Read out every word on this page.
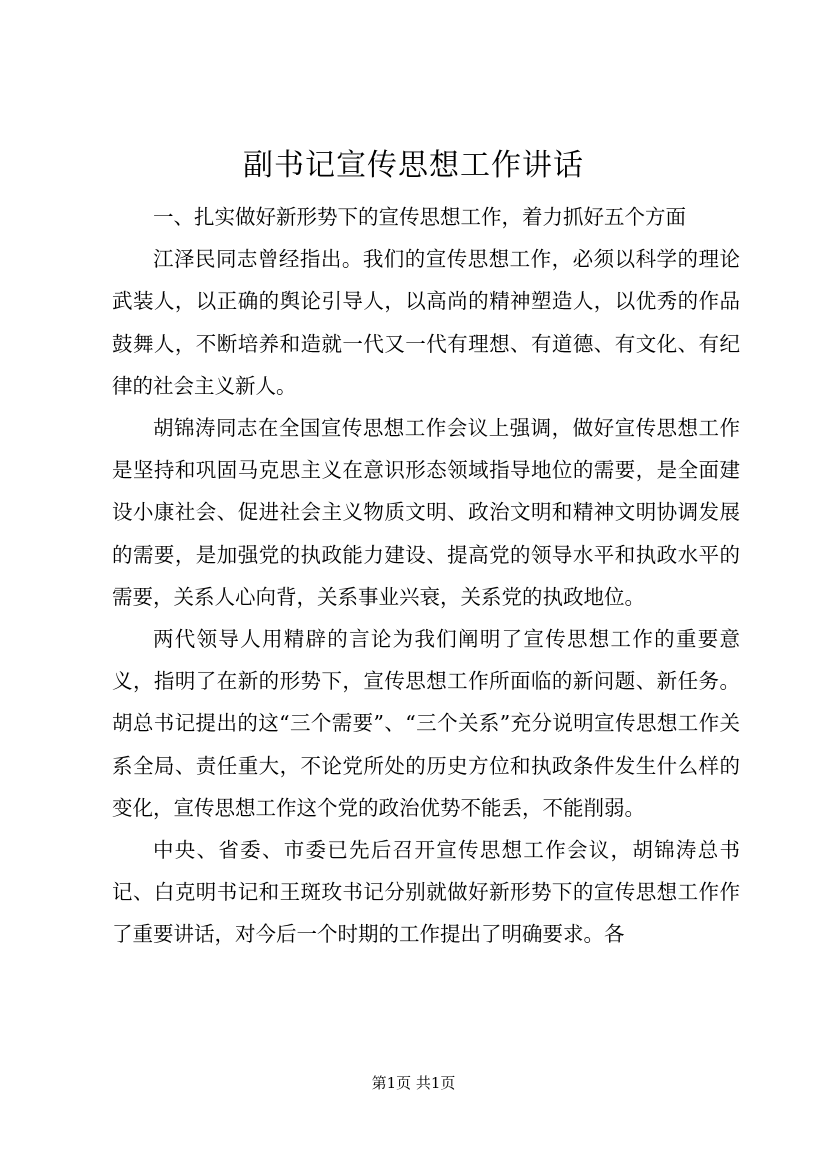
副书记宣传思想工作讲话

一、扎实做好新形势下的宣传思想工作，着力抓好五个方面

江泽民同志曾经指出。我们的宣传思想工作，必须以科学的理论武装人，以正确的舆论引导人，以高尚的精神塑造人，以优秀的作品鼓舞人，不断培养和造就一代又一代有理想、有道德、有文化、有纪律的社会主义新人。

胡锦涛同志在全国宣传思想工作会议上强调，做好宣传思想工作是坚持和巩固马克思主义在意识形态领域指导地位的需要，是全面建设小康社会、促进社会主义物质文明、政治文明和精神文明协调发展的需要，是加强党的执政能力建设、提高党的领导水平和执政水平的需要，关系人心向背，关系事业兴衰，关系党的执政地位。

两代领导人用精辟的言论为我们阐明了宣传思想工作的重要意义，指明了在新的形势下，宣传思想工作所面临的新问题、新任务。胡总书记提出的这“三个需要”、“三个关系”充分说明宣传思想工作关系全局、责任重大，不论党所处的历史方位和执政条件发生什么样的变化，宣传思想工作这个党的政治优势不能丢，不能削弱。

中央、省委、市委已先后召开宣传思想工作会议，胡锦涛总书记、白克明书记和王斑玫书记分别就做好新形势下的宣传思想工作作了重要讲话，对今后一个时期的工作提出了明确要求。各

第1页 共1页
